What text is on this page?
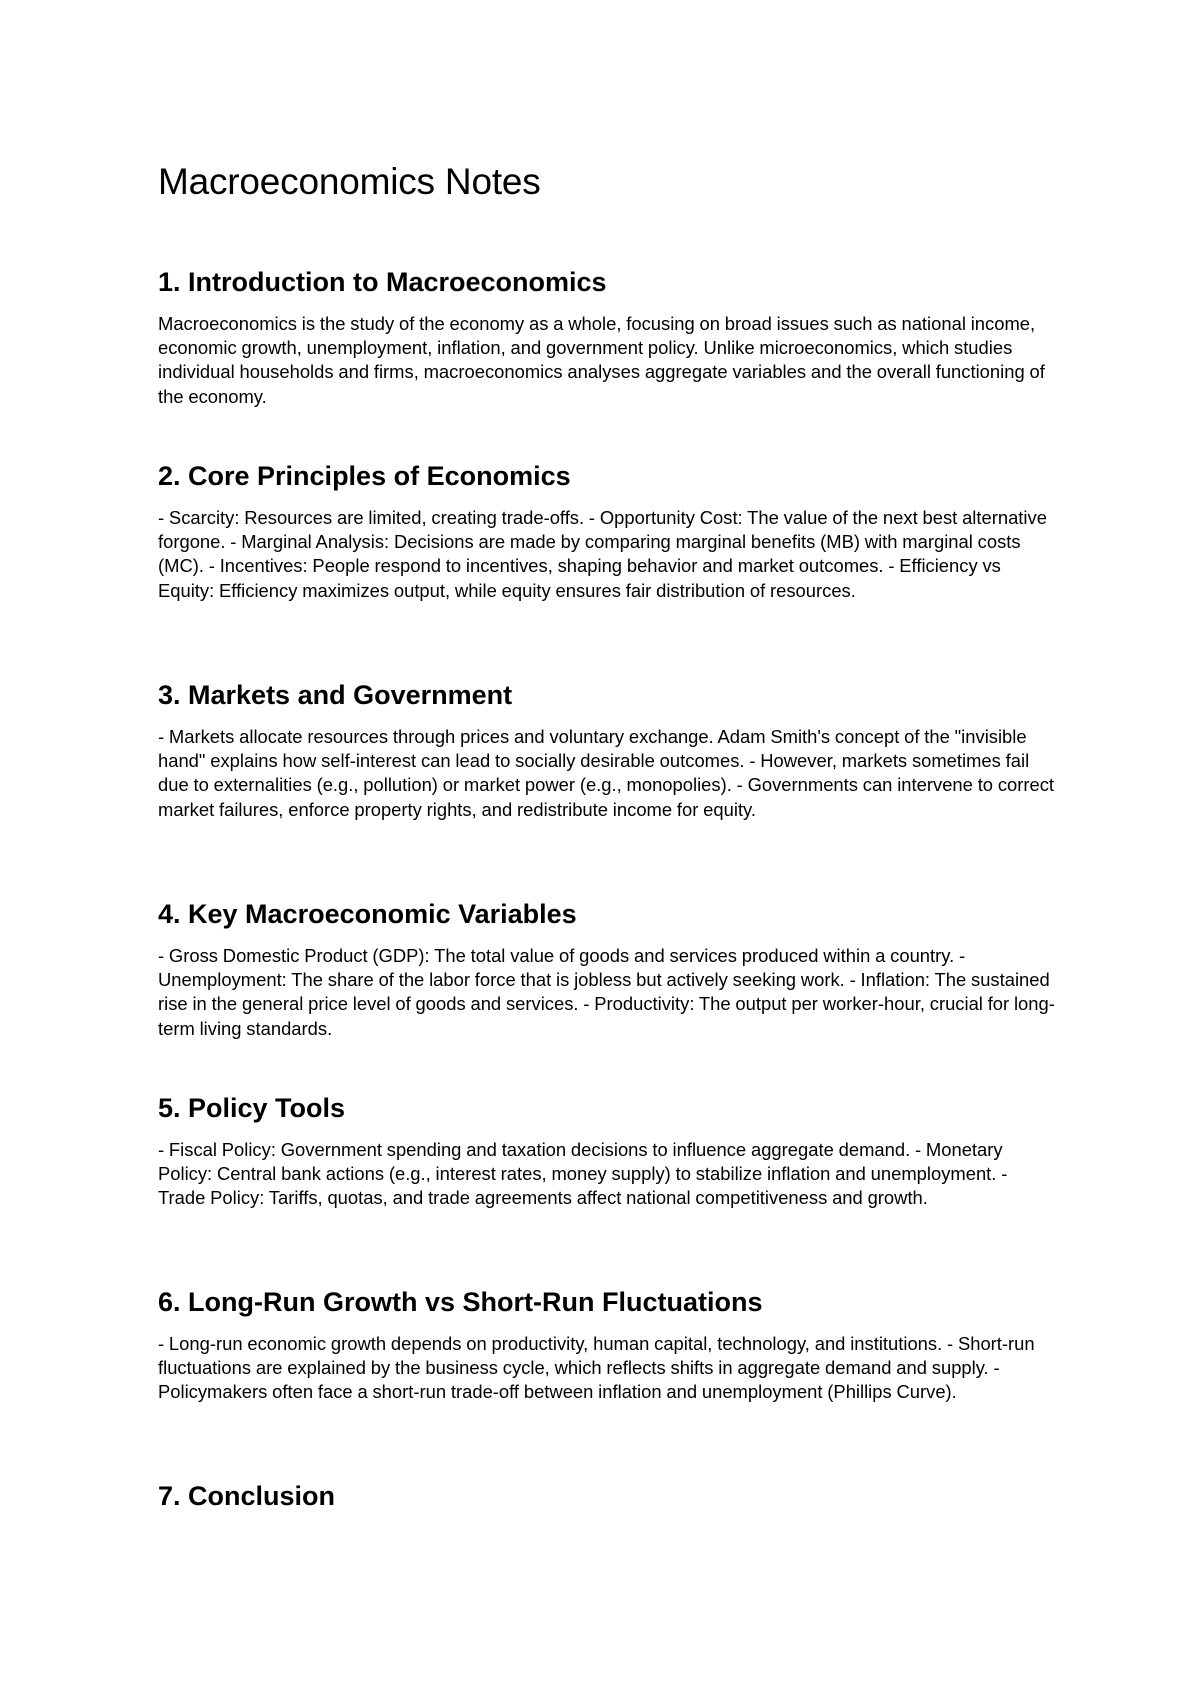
Macroeconomics Notes
1. Introduction to Macroeconomics

Macroeconomics is the study of the economy as a whole, focusing on broad issues such as national income, economic growth, unemployment, inflation, and government policy. Unlike microeconomics, which studies individual households and firms, macroeconomics analyses aggregate variables and the overall functioning of the economy.

2. Core Principles of Economics

- Scarcity: Resources are limited, creating trade-offs. - Opportunity Cost: The value of the next best alternative forgone. - Marginal Analysis: Decisions are made by comparing marginal benefits (MB) with marginal costs (MC). - Incentives: People respond to incentives, shaping behavior and market outcomes. - Efficiency vs Equity: Efficiency maximizes output, while equity ensures fair distribution of resources.

3. Markets and Government

- Markets allocate resources through prices and voluntary exchange. Adam Smith's concept of the "invisible hand" explains how self-interest can lead to socially desirable outcomes. - However, markets sometimes fail due to externalities (e.g., pollution) or market power (e.g., monopolies). - Governments can intervene to correct market failures, enforce property rights, and redistribute income for equity.

4. Key Macroeconomic Variables

- Gross Domestic Product (GDP): The total value of goods and services produced within a country. - Unemployment: The share of the labor force that is jobless but actively seeking work. - Inflation: The sustained rise in the general price level of goods and services. - Productivity: The output per worker-hour, crucial for long-term living standards.

5. Policy Tools

- Fiscal Policy: Government spending and taxation decisions to influence aggregate demand. - Monetary Policy: Central bank actions (e.g., interest rates, money supply) to stabilize inflation and unemployment. - Trade Policy: Tariffs, quotas, and trade agreements affect national competitiveness and growth.

6. Long-Run Growth vs Short-Run Fluctuations

- Long-run economic growth depends on productivity, human capital, technology, and institutions. - Short-run fluctuations are explained by the business cycle, which reflects shifts in aggregate demand and supply. - Policymakers often face a short-run trade-off between inflation and unemployment (Phillips Curve).

7. Conclusion
